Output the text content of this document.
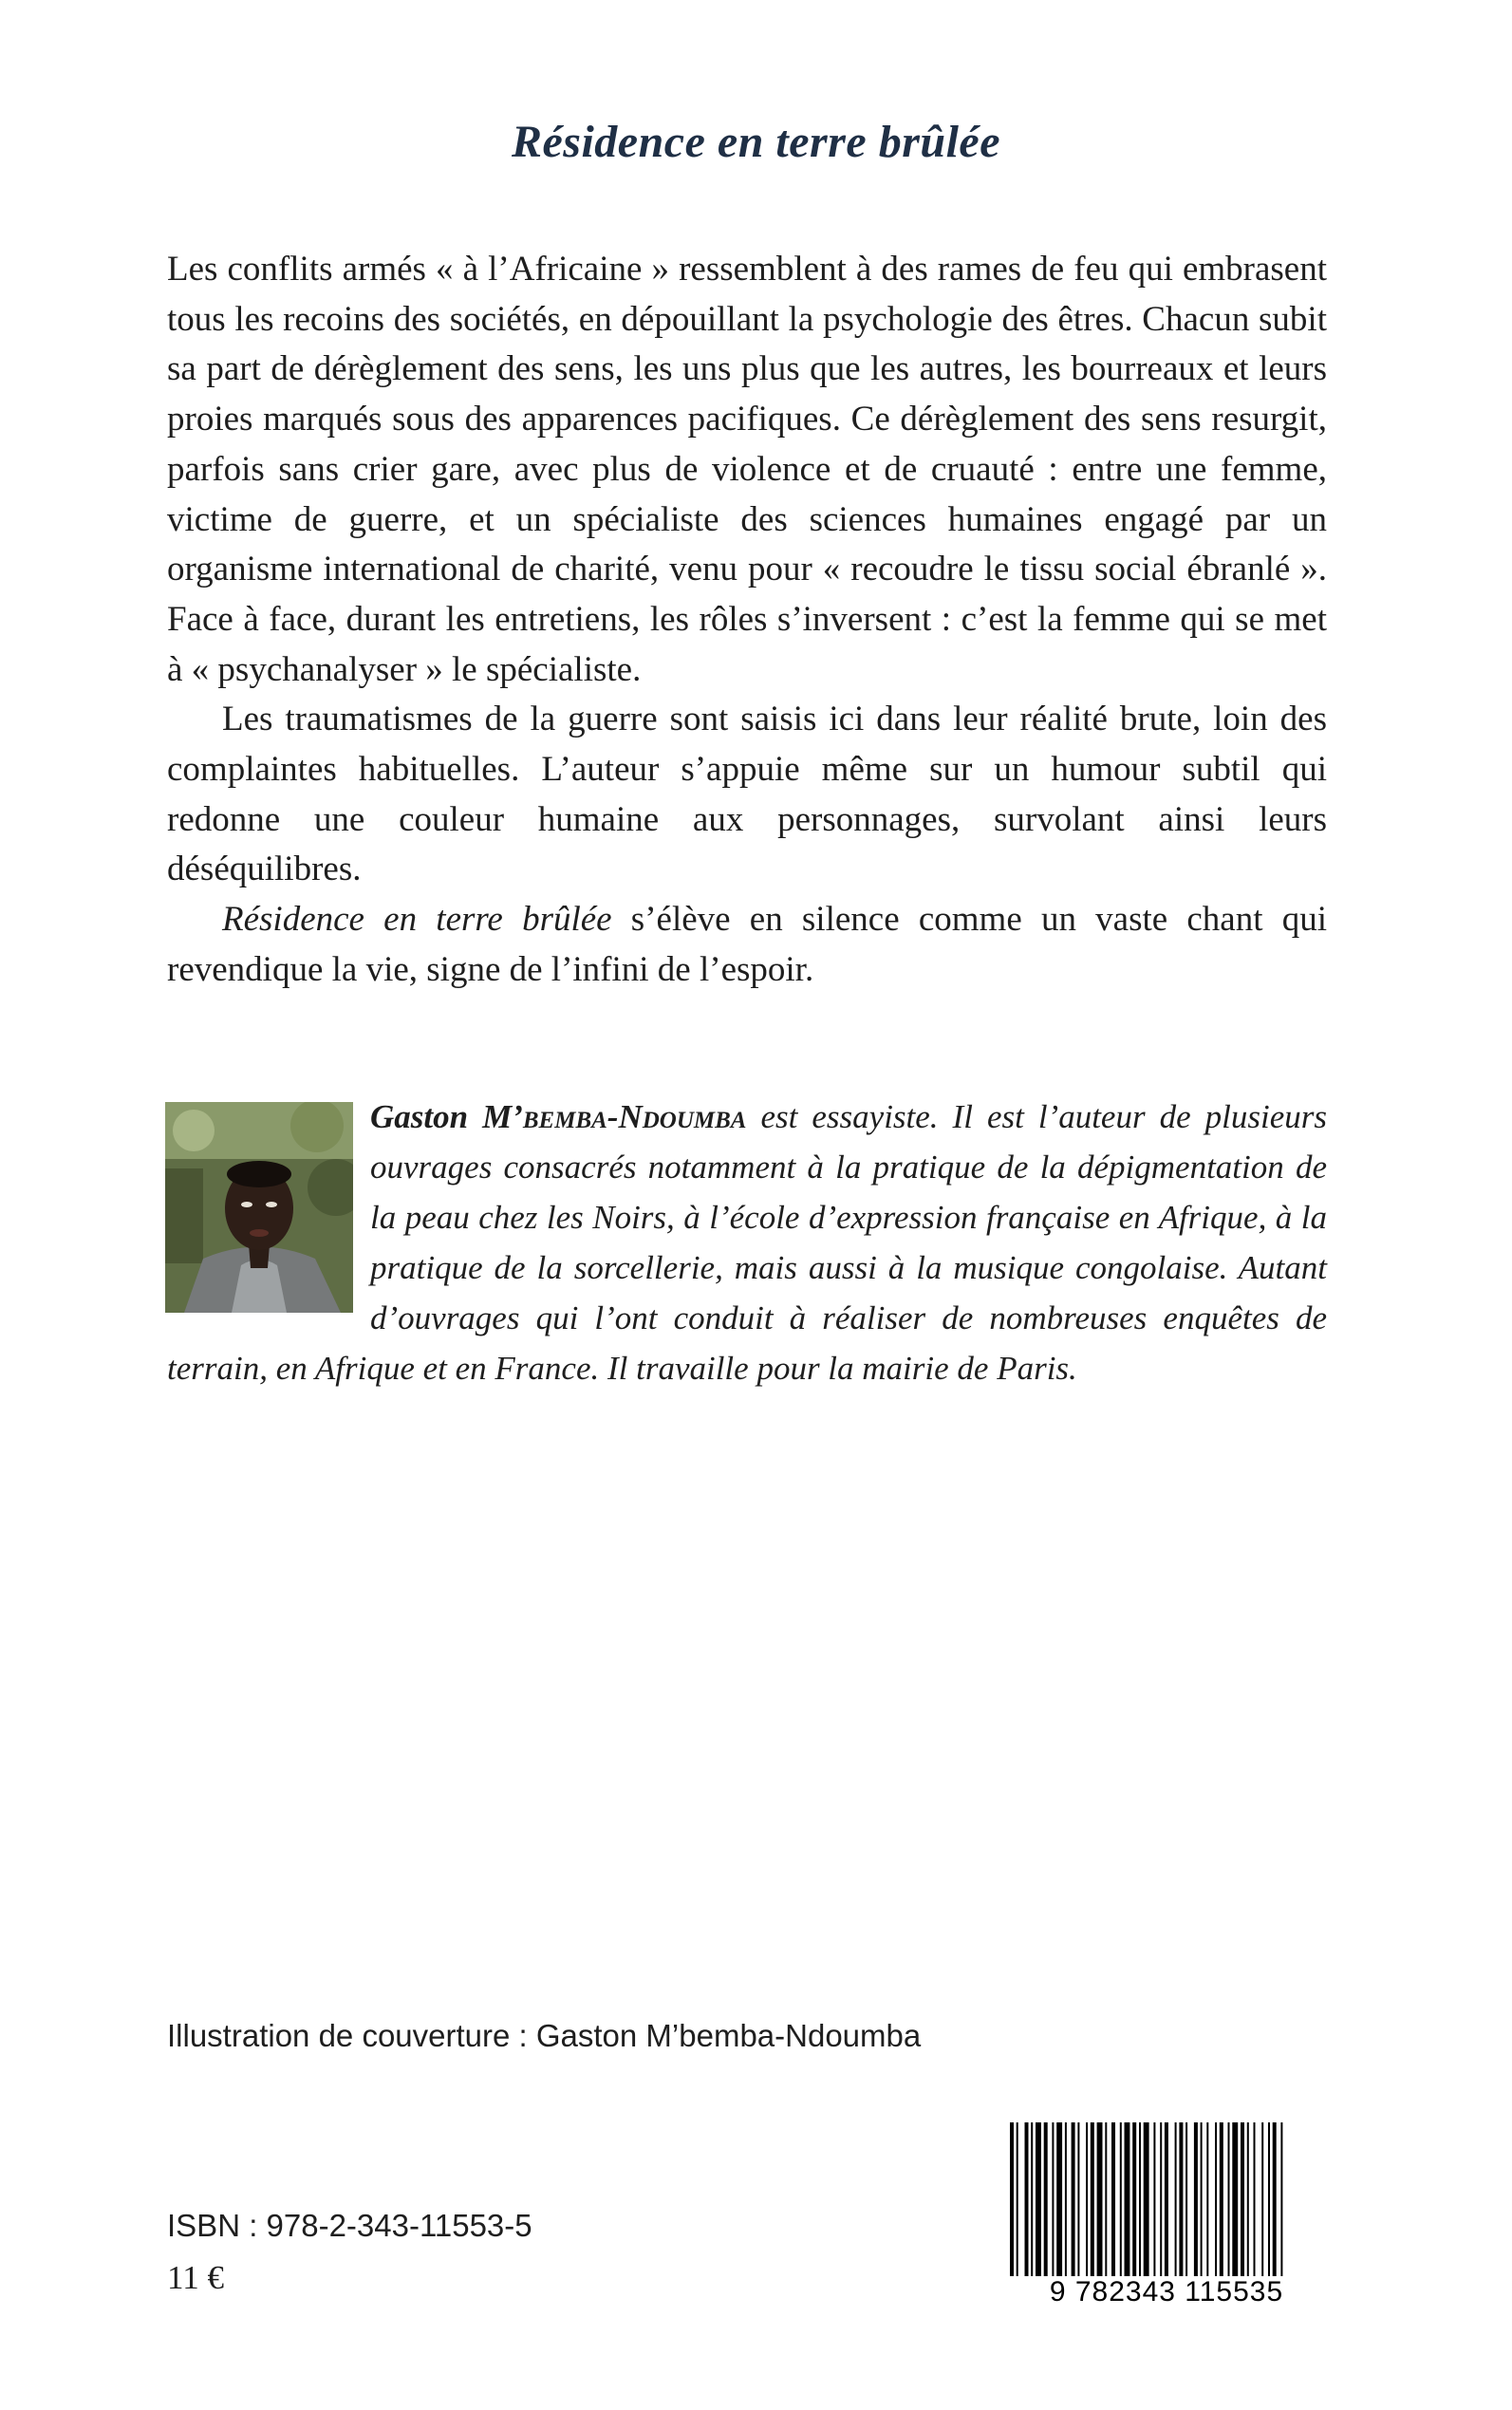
Résidence en terre brûlée

Les conflits armés « à l’Africaine » ressemblent à des rames de feu qui embrasent tous les recoins des sociétés, en dépouillant la psychologie des êtres. Chacun subit sa part de dérèglement des sens, les uns plus que les autres, les bourreaux et leurs proies marqués sous des apparences pacifiques. Ce dérèglement des sens resurgit, parfois sans crier gare, avec plus de violence et de cruauté : entre une femme, victime de guerre, et un spécialiste des sciences humaines engagé par un organisme international de charité, venu pour « recoudre le tissu social ébranlé ». Face à face, durant les entretiens, les rôles s’inversent : c’est la femme qui se met à « psychanalyser » le spécialiste.

Les traumatismes de la guerre sont saisis ici dans leur réalité brute, loin des complaintes habituelles. L’auteur s’appuie même sur un humour subtil qui redonne une couleur humaine aux personnages, survolant ainsi leurs déséquilibres.

Résidence en terre brûlée s’élève en silence comme un vaste chant qui revendique la vie, signe de l’infini de l’espoir.

Gaston M’bemba-Ndoumba est essayiste. Il est l’auteur de plusieurs ouvrages consacrés notamment à la pratique de la dépigmentation de la peau chez les Noirs, à l’école d’expression française en Afrique, à la pratique de la sorcellerie, mais aussi à la musique congolaise. Autant d’ouvrages qui l’ont conduit à réaliser de nombreuses enquêtes de terrain, en Afrique et en France. Il travaille pour la mairie de Paris.
Illustration de couverture : Gaston M’bemba-Ndoumba
9 782343 115535
ISBN : 978-2-343-11553-5
11 €
